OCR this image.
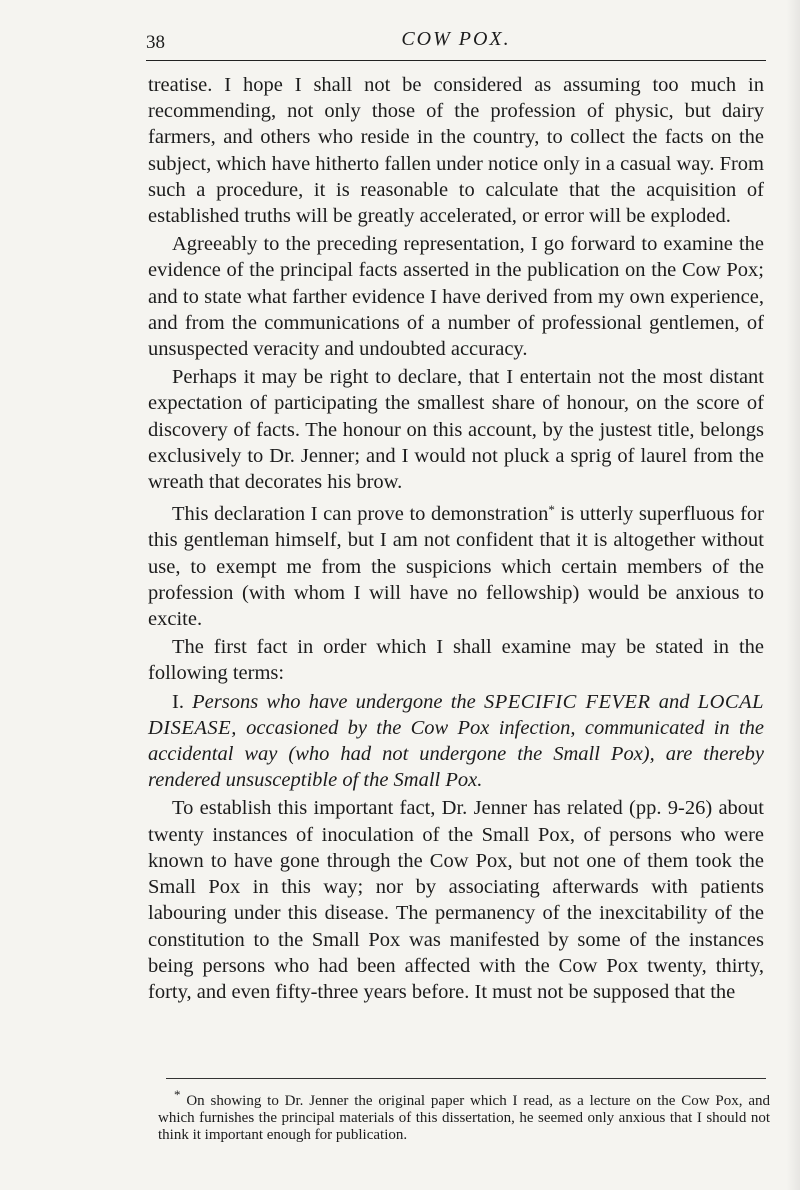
38	COW POX.

treatise. I hope I shall not be considered as assuming too much in recommending, not only those of the profession of physic, but dairy farmers, and others who reside in the country, to collect the facts on the subject, which have hitherto fallen under notice only in a casual way. From such a procedure, it is reasonable to calculate that the acquisition of established truths will be greatly accelerated, or error will be exploded.

Agreeably to the preceding representation, I go forward to examine the evidence of the principal facts asserted in the publication on the Cow Pox; and to state what farther evidence I have derived from my own experience, and from the communications of a number of professional gentlemen, of unsuspected veracity and undoubted accuracy.

Perhaps it may be right to declare, that I entertain not the most distant expectation of participating the smallest share of honour, on the score of discovery of facts. The honour on this account, by the justest title, belongs exclusively to Dr. Jenner; and I would not pluck a sprig of laurel from the wreath that decorates his brow.

This declaration I can prove to demonstration* is utterly superfluous for this gentleman himself, but I am not confident that it is altogether without use, to exempt me from the suspicions which certain members of the profession (with whom I will have no fellowship) would be anxious to excite.

The first fact in order which I shall examine may be stated in the following terms:

I. Persons who have undergone the SPECIFIC FEVER and LOCAL DISEASE, occasioned by the Cow Pox infection, communicated in the accidental way (who had not undergone the Small Pox), are thereby rendered unsusceptible of the Small Pox.

To establish this important fact, Dr. Jenner has related (pp. 9-26) about twenty instances of inoculation of the Small Pox, of persons who were known to have gone through the Cow Pox, but not one of them took the Small Pox in this way; nor by associating afterwards with patients labouring under this disease. The permanency of the inexcitability of the constitution to the Small Pox was manifested by some of the instances being persons who had been affected with the Cow Pox twenty, thirty, forty, and even fifty-three years before. It must not be supposed that the

* On showing to Dr. Jenner the original paper which I read, as a lecture on the Cow Pox, and which furnishes the principal materials of this dissertation, he seemed only anxious that I should not think it important enough for publication.
